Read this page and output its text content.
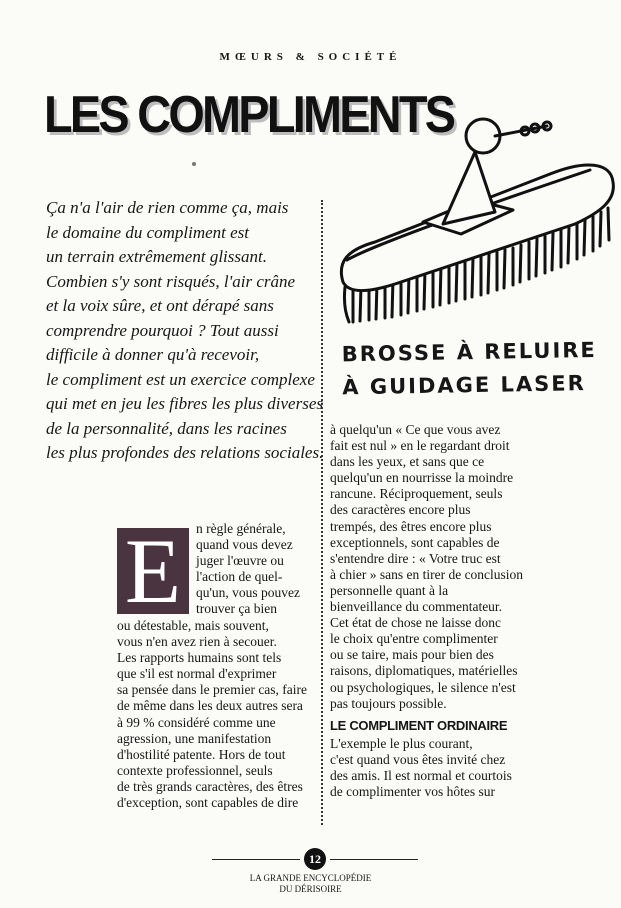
MŒURS & SOCIÉTÉ
LES COMPLIMENTS
Ça n'a l'air de rien comme ça, mais
le domaine du compliment est
un terrain extrêmement glissant.
Combien s'y sont risqués, l'air crâne
et la voix sûre, et ont dérapé sans
comprendre pourquoi ? Tout aussi
difficile à donner qu'à recevoir,
le compliment est un exercice complexe
qui met en jeu les fibres les plus diverses
de la personnalité, dans les racines
les plus profondes des relations sociales.
BROSSE À RELUIRE
À GUIDAGE LASER
E	n règle générale,
quand vous devez
juger l'œuvre ou
l'action de quel-
qu'un, vous pouvez
trouver ça bien
ou détestable, mais souvent,
vous n'en avez rien à secouer.
Les rapports humains sont tels
que s'il est normal d'exprimer
sa pensée dans le premier cas, faire
de même dans les deux autres sera
à 99 % considéré comme une
agression, une manifestation
d'hostilité patente. Hors de tout
contexte professionnel, seuls
de très grands caractères, des êtres
d'exception, sont capables de dire
à quelqu'un « Ce que vous avez
fait est nul » en le regardant droit
dans les yeux, et sans que ce
quelqu'un en nourrisse la moindre
rancune. Réciproquement, seuls
des caractères encore plus
trempés, des êtres encore plus
exceptionnels, sont capables de
s'entendre dire : « Votre truc est
à chier » sans en tirer de conclusion
personnelle quant à la
bienveillance du commentateur.
Cet état de chose ne laisse donc
le choix qu'entre complimenter
ou se taire, mais pour bien des
raisons, diplomatiques, matérielles
ou psychologiques, le silence n'est
pas toujours possible.
LE COMPLIMENT ORDINAIRE
L'exemple le plus courant,
c'est quand vous êtes invité chez
des amis. Il est normal et courtois
de complimenter vos hôtes sur
12
LA GRANDE ENCYCLOPÉDIE
DU DÉRISOIRE
